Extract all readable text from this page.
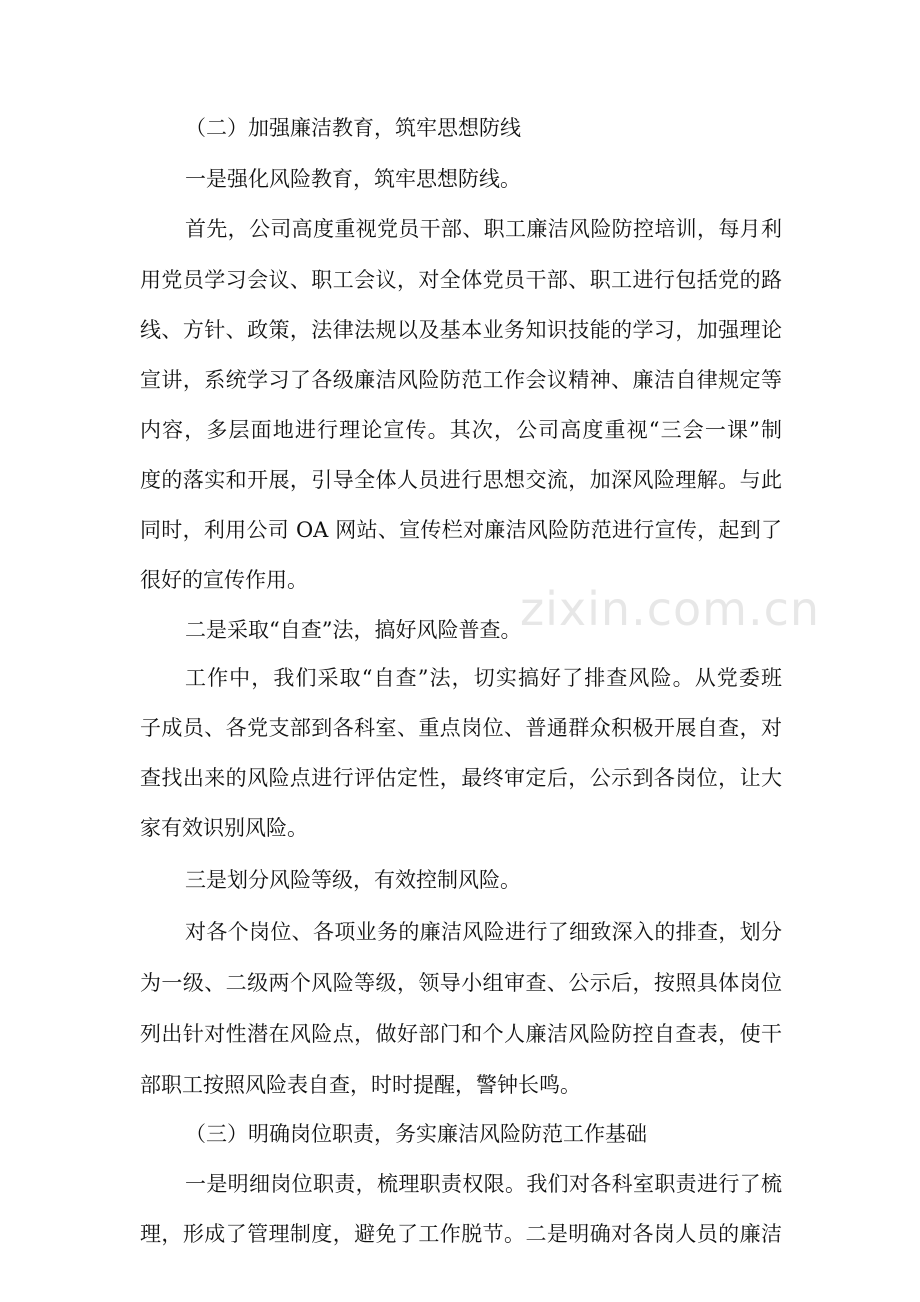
（二）加强廉洁教育，筑牢思想防线
一是强化风险教育，筑牢思想防线。
首先，公司高度重视党员干部、职工廉洁风险防控培训，每月利
用党员学习会议、职工会议，对全体党员干部、职工进行包括党的路
线、方针、政策，法律法规以及基本业务知识技能的学习，加强理论
宣讲，系统学习了各级廉洁风险防范工作会议精神、廉洁自律规定等
内容，多层面地进行理论宣传。其次，公司高度重视“三会一课”制
度的落实和开展，引导全体人员进行思想交流，加深风险理解。与此
同时，利用公司 OA 网站、宣传栏对廉洁风险防范进行宣传，起到了
很好的宣传作用。
二是采取“自查”法，搞好风险普查。
工作中，我们采取“自查”法，切实搞好了排查风险。从党委班
子成员、各党支部到各科室、重点岗位、普通群众积极开展自查，对
查找出来的风险点进行评估定性，最终审定后，公示到各岗位，让大
家有效识别风险。
三是划分风险等级，有效控制风险。
对各个岗位、各项业务的廉洁风险进行了细致深入的排查，划分
为一级、二级两个风险等级，领导小组审查、公示后，按照具体岗位
列出针对性潜在风险点，做好部门和个人廉洁风险防控自查表，使干
部职工按照风险表自查，时时提醒，警钟长鸣。
（三）明确岗位职责，务实廉洁风险防范工作基础
一是明细岗位职责，梳理职责权限。我们对各科室职责进行了梳
理，形成了管理制度，避免了工作脱节。二是明确对各岗人员的廉洁
zixin.com.cn
